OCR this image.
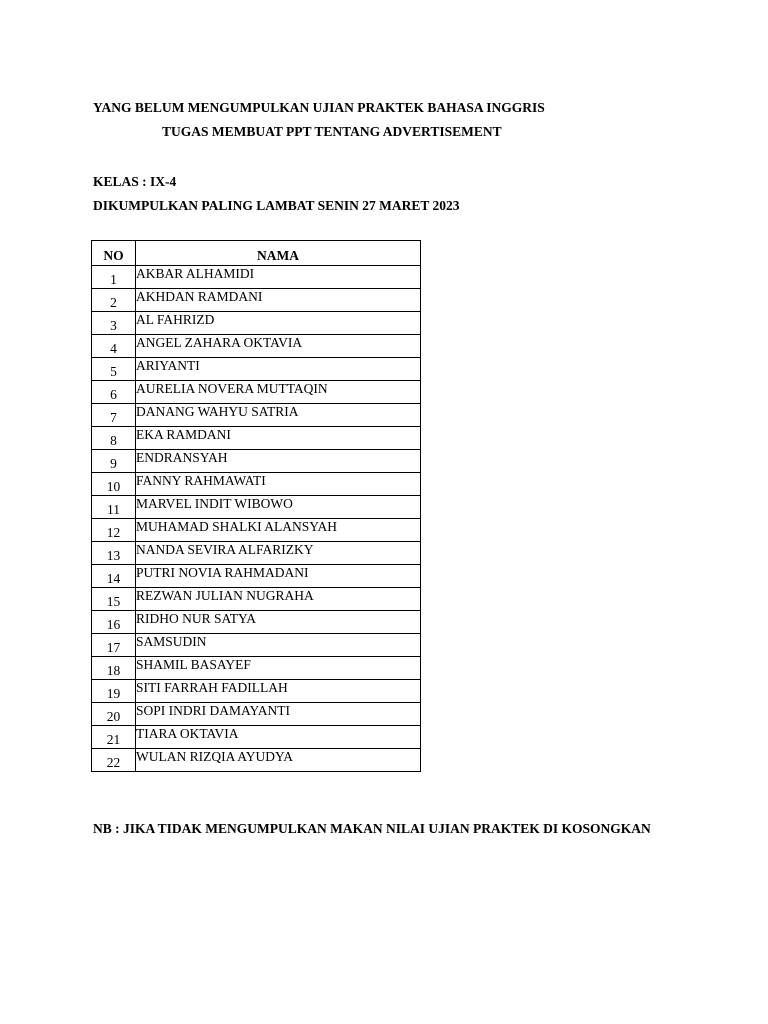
YANG BELUM MENGUMPULKAN UJIAN PRAKTEK BAHASA INGGRIS
TUGAS MEMBUAT PPT TENTANG ADVERTISEMENT
KELAS : IX-4
DIKUMPULKAN PALING LAMBAT SENIN 27 MARET 2023
NO	NAMA
1	AKBAR ALHAMIDI
2	AKHDAN RAMDANI
3	AL FAHRIZD
4	ANGEL ZAHARA OKTAVIA
5	ARIYANTI
6	AURELIA NOVERA MUTTAQIN
7	DANANG WAHYU SATRIA
8	EKA RAMDANI
9	ENDRANSYAH
10	FANNY RAHMAWATI
11	MARVEL INDIT WIBOWO
12	MUHAMAD SHALKI ALANSYAH
13	NANDA SEVIRA ALFARIZKY
14	PUTRI NOVIA RAHMADANI
15	REZWAN JULIAN NUGRAHA
16	RIDHO NUR SATYA
17	SAMSUDIN
18	SHAMIL BASAYEF
19	SITI FARRAH FADILLAH
20	SOPI INDRI DAMAYANTI
21	TIARA OKTAVIA
22	WULAN RIZQIA AYUDYA
NB : JIKA TIDAK MENGUMPULKAN MAKAN NILAI UJIAN PRAKTEK DI KOSONGKAN
